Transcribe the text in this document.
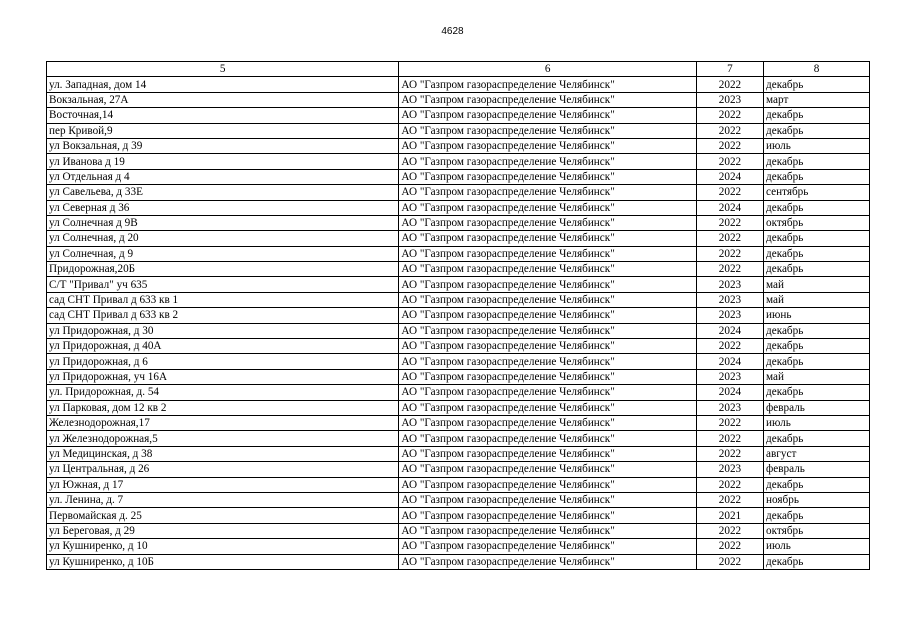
4628
5	6	7	8
ул. Западная, дом 14	АО "Газпром газораспределение Челябинск"	2022	декабрь
Вокзальная, 27А	АО "Газпром газораспределение Челябинск"	2023	март
Восточная,14	АО "Газпром газораспределение Челябинск"	2022	декабрь
пер Кривой,9	АО "Газпром газораспределение Челябинск"	2022	декабрь
ул Вокзальная, д 39	АО "Газпром газораспределение Челябинск"	2022	июль
ул Иванова д 19	АО "Газпром газораспределение Челябинск"	2022	декабрь
ул Отдельная д 4	АО "Газпром газораспределение Челябинск"	2024	декабрь
ул Савельева, д 33Е	АО "Газпром газораспределение Челябинск"	2022	сентябрь
ул Северная д 36	АО "Газпром газораспределение Челябинск"	2024	декабрь
ул Солнечная д 9В	АО "Газпром газораспределение Челябинск"	2022	октябрь
ул Солнечная, д 20	АО "Газпром газораспределение Челябинск"	2022	декабрь
ул Солнечная, д 9	АО "Газпром газораспределение Челябинск"	2022	декабрь
Придорожная,20Б	АО "Газпром газораспределение Челябинск"	2022	декабрь
С/Т "Привал" уч 635	АО "Газпром газораспределение Челябинск"	2023	май
сад СНТ Привал д 633 кв 1	АО "Газпром газораспределение Челябинск"	2023	май
сад СНТ Привал д 633 кв 2	АО "Газпром газораспределение Челябинск"	2023	июнь
ул Придорожная, д 30	АО "Газпром газораспределение Челябинск"	2024	декабрь
ул Придорожная, д 40А	АО "Газпром газораспределение Челябинск"	2022	декабрь
ул Придорожная, д 6	АО "Газпром газораспределение Челябинск"	2024	декабрь
ул Придорожная, уч 16А	АО "Газпром газораспределение Челябинск"	2023	май
ул. Придорожная, д. 54	АО "Газпром газораспределение Челябинск"	2024	декабрь
ул Парковая, дом 12 кв 2	АО "Газпром газораспределение Челябинск"	2023	февраль
Железнодорожная,17	АО "Газпром газораспределение Челябинск"	2022	июль
ул Железнодорожная,5	АО "Газпром газораспределение Челябинск"	2022	декабрь
ул Медицинская, д 38	АО "Газпром газораспределение Челябинск"	2022	август
ул Центральная, д 26	АО "Газпром газораспределение Челябинск"	2023	февраль
ул Южная, д 17	АО "Газпром газораспределение Челябинск"	2022	декабрь
ул. Ленина, д. 7	АО "Газпром газораспределение Челябинск"	2022	ноябрь
Первомайская д. 25	АО "Газпром газораспределение Челябинск"	2021	декабрь
ул Береговая, д 29	АО "Газпром газораспределение Челябинск"	2022	октябрь
ул Кушниренко, д 10	АО "Газпром газораспределение Челябинск"	2022	июль
ул Кушниренко, д 10Б	АО "Газпром газораспределение Челябинск"	2022	декабрь
